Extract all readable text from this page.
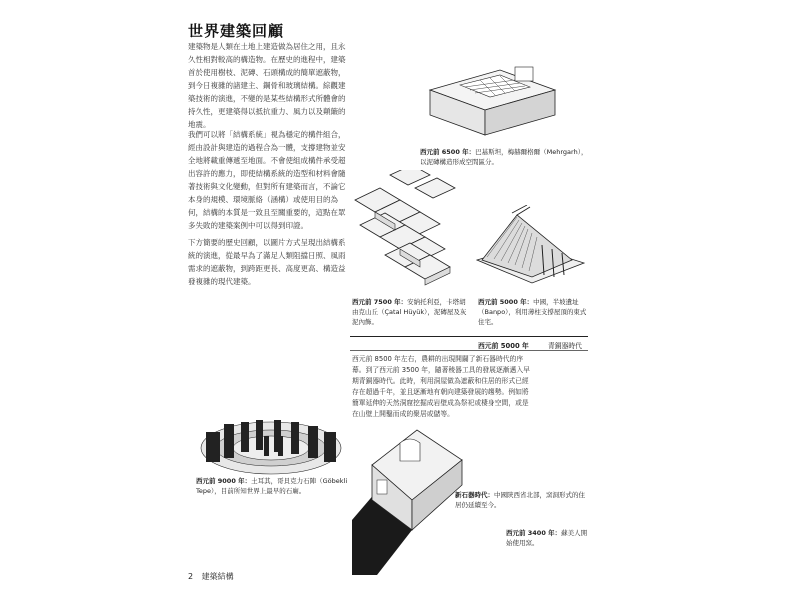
世界建築回顧
建築物是人類在土地上建造做為居住之用，且永久性相對較高的構造物。在歷史的進程中，建築首於使用樹枝、泥磚、石頭構成的簡單遮蔽物，到今日複雜的諸建主、鋼骨和玻璃結構。綜觀建築技術的演進，不變的是某些結構形式所體會的持久性，更建築得以抵抗重力、風力以及顛簸的地震。
我們可以將「結構系統」視為穩定的構件組合，經由設計與建造的過程合為一體，支撐建物並安全地將載重傳遞至地面。不會使組成構件承受超出容許的應力，即使結構系統的造型和材料會隨著技術與文化變動，但對所有建築而言，不論它本身的規模、環境脈絡（涵構）或使用目的為何，結構的本質是一致且至關重要的，這點在眾多失敗的建築案例中可以得到印證。
下方簡要的歷史回顧，以圖片方式呈現出結構系統的演進，從最早為了滿足人類阻擋日照、風雨需求的遮蔽物，到跨距更長、高度更高、構造益發複雜的現代建築。
西元前 6500 年：巴基斯坦，梅赫爾格爾（Mehrgarh），以泥磚構造形成空間區分。
西元前 7500 年：安納托利亞，卡塔胡由克山丘（Çatal Hüyük），泥磚屋及灰泥內飾。
西元前 5000 年：中國，半坡遺址（Banpo），利用薄柱支撐屋頂的東式住宅。
西元前 5000 年	青銅器時代
西元前 8500 年左右，農耕的出現開闢了新石器時代的序幕。到了西元前 3500 年，隨著稜器工具的發展逐漸邁入早期青銅器時代。此時，利用洞屋做為遮蔽和住居的形式已經存在超過千年，並且逐漸地有朝向建築發展的趨勢。例如將簡單延伸的天然洞窟挖掘成岩壁成為祭祀或棲身空間，或是在山壁上開鑿而成的聚居或儲等。
西元前 9000 年：土耳其，哥貝克力石陣（Göbekli Tepe），目前所知世界上最早的石廟。	新石器時代：中國陝西省北部，窯洞形式的住居仍延續至今。
西元前 3400 年：蘇美人開始使用窯。
2 建築結構
